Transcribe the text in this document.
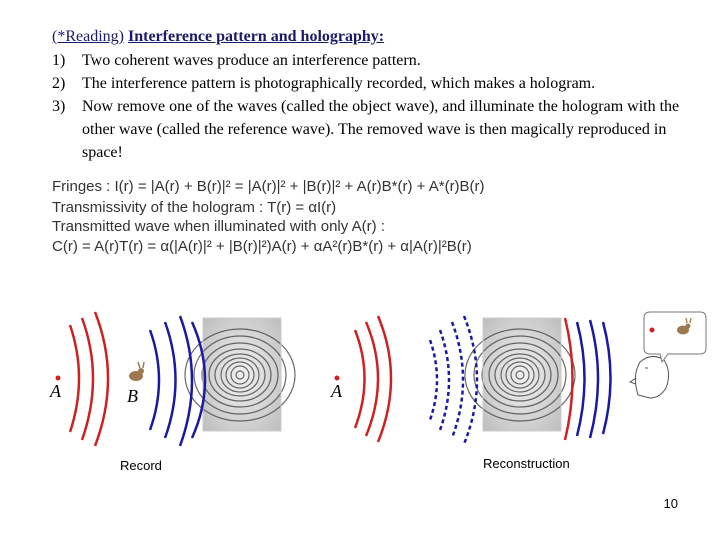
(*Reading) Interference pattern and holography:
1) Two coherent waves produce an interference pattern.
2) The interference pattern is photographically recorded, which makes a hologram.
3) Now remove one of the waves (called the object wave), and illuminate the hologram with the other wave (called the reference wave). The removed wave is then magically reproduced in space!
Fringes : I(r) = |A(r) + B(r)|² = |A(r)|² + |B(r)|² + A(r)B*(r) + A*(r)B(r)
Transmissivity of the hologram : T(r) = αI(r)
Transmitted wave when illuminated with only A(r) :
C(r) = A(r)T(r) = α(|A(r)|² + |B(r)|²)A(r) + αA²(r)B*(r) + α|A(r)|²B(r)
A	B	A
Record	Reconstruction
10
